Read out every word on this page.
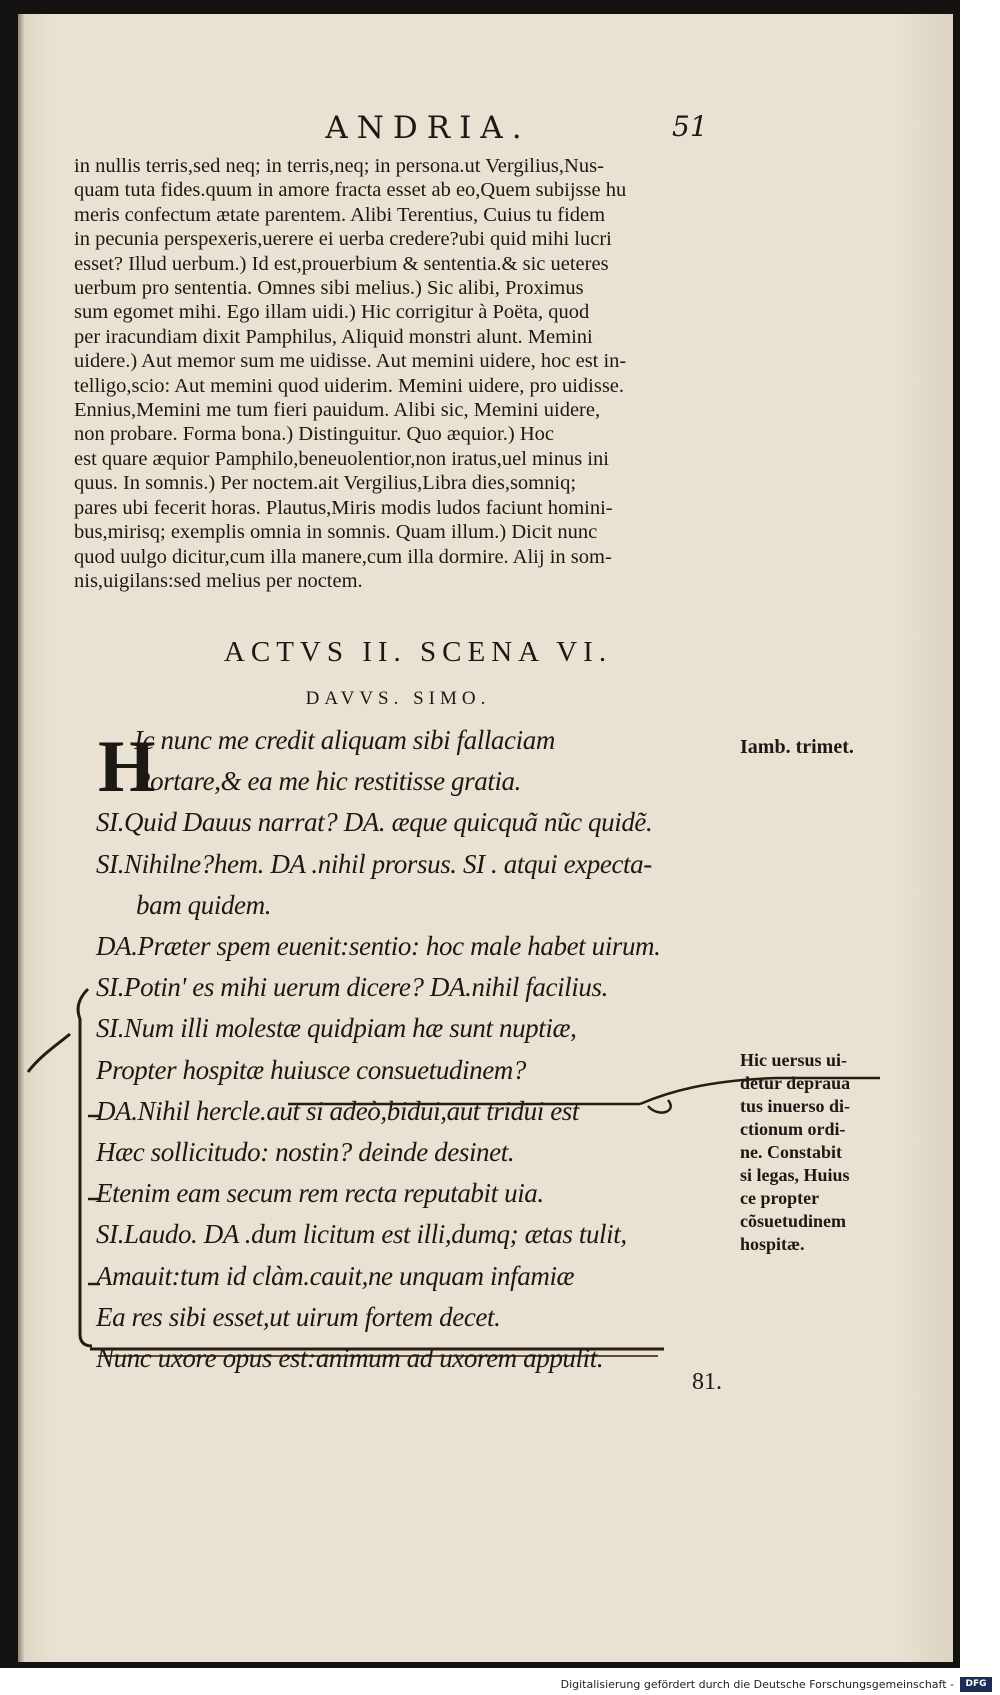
ANDRIA.	51
in nullis terris,sed neq; in terris,neq; in persona.ut Vergilius,Nus-
quam tuta fides.quum in amore fracta esset ab eo,Quem subijsse hu
meris confectum ætate parentem. Alibi Terentius, Cuius tu fidem
in pecunia perspexeris,uerere ei uerba credere?ubi quid mihi lucri
esset? Illud uerbum.) Id est,prouerbium & sententia.& sic ueteres
uerbum pro sententia. Omnes sibi melius.) Sic alibi, Proximus
sum egomet mihi. Ego illam uidi.) Hic corrigitur à Poëta, quod
per iracundiam dixit Pamphilus, Aliquid monstri alunt. Memini
uidere.) Aut memor sum me uidisse. Aut memini uidere, hoc est in-
telligo,scio: Aut memini quod uiderim. Memini uidere, pro uidisse.
Ennius,Memini me tum fieri pauidum. Alibi sic, Memini uidere,
non probare. Forma bona.) Distinguitur. Quo æquior.) Hoc
est quare æquior Pamphilo,beneuolentior,non iratus,uel minus ini
quus. In somnis.) Per noctem.ait Vergilius,Libra dies,somniq;
pares ubi fecerit horas. Plautus,Miris modis ludos faciunt homini-
bus,mirisq; exemplis omnia in somnis. Quam illum.) Dicit nunc
quod uulgo dicitur,cum illa manere,cum illa dormire. Alij in som-
nis,uigilans:sed melius per noctem.
ACTVS II. SCENA VI.
DAVVS. SIMO.
H
Ic nunc me credit aliquam sibi fallaciam
Portare,& ea me hic restitisse gratia.
SI.Quid Dauus narrat? DA. æque quicquã nũc quidẽ.
SI.Nihilne?hem. DA .nihil prorsus. SI . atqui expecta-
bam quidem.
DA.Præter spem euenit:sentio: hoc male habet uirum.
SI.Potin' es mihi uerum dicere? DA.nihil facilius.
SI.Num illi molestæ quidpiam hæ sunt nuptiæ,
Propter hospitæ huiusce consuetudinem?
DA.Nihil hercle.aut si adeò,bidui,aut tridui est
Hæc sollicitudo: nostin? deinde desinet.
Etenim eam secum rem recta reputabit uia.
SI.Laudo. DA .dum licitum est illi,dumq; ætas tulit,
Amauit:tum id clàm.cauit,ne unquam infamiæ
Ea res sibi esset,ut uirum fortem decet.
Nunc uxore opus est:animum ad uxorem appulit.
Iamb. trimet.
Hic uersus ui-
detur deprauа
tus inuerso di-
ctionum ordi-
ne. Constabit
si legas, Huius
ce propter
cõsuetudinem
hospitæ.
81.
Digitalisierung gefördert durch die Deutsche Forschungsgemeinschaft -	DFG
